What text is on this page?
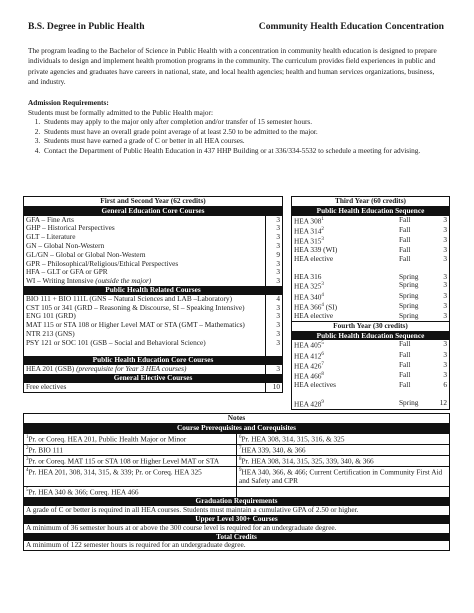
B.S. Degree in Public Health	Community Health Education Concentration
The program leading to the Bachelor of Science in Public Health with a concentration in community health education is designed to prepare individuals to design and implement health promotion programs in the community. The curriculum provides field experiences in public and private agencies and graduates have careers in national, state, and local health agencies; health and human services organizations, business, and industry.
Admission Requirements:
Students must be formally admitted to the Public Health major:
1. Students may apply to the major only after completion and/or transfer of 15 semester hours.
2. Students must have an overall grade point average of at least 2.50 to be admitted to the major.
3. Students must have earned a grade of C or better in all HEA courses.
4. Contact the Department of Public Health Education in 437 HHP Building or at 336/334-5532 to schedule a meeting for advising.
First and Second Year (62 credits)	
General Education Core Courses	
GFA – Fine Arts	3
GHP – Historical Perspectives	3
GLT – Literature	3
GN – Global Non-Western	3
GL/GN – Global or Global Non-Western	9
GPR – Philosophical/Religious/Ethical Perspectives	3
HFA – GLT or GFA or GPR	3
WI – Writing Intensive (outside the major)	3
Public Health Related Courses	
BIO 111 + BIO 111L (GNS – Natural Sciences and LAB –Laboratory)	4
CST 105 or 341 (GRD – Reasoning & Discourse, SI – Speaking Intensive)	3
ENG 101 (GRD)	3
MAT 115 or STA 108 or Higher Level MAT or STA (GMT – Mathematics)	3
NTR 213 (GNS)	3
PSY 121 or SOC 101 (GSB – Social and Behavioral Science)	3

Public Health Education Core Courses	
HEA 201 (GSB) (prerequisite for Year 3 HEA courses)	3
General Elective Courses	
Free electives	10
Third Year (60 credits)		
Public Health Education Sequence		
HEA $308^1$	Fall	3
HEA $314^2$	Fall	3
HEA $315^3$	Fall	3
HEA 339 (WI)	Fall	3
HEA elective	Fall	3

HEA 316	Spring	3
HEA $325^3$	Spring	3
HEA $340^4$	Spring	3
HEA $366^4$ (SI)	Spring	3
HEA elective	Spring	3
Fourth Year (30 credits)		
Public Health Education Sequence		
HEA $405^5$	Fall	3
HEA $412^6$	Fall	3
HEA $426^7$	Fall	3
HEA $466^8$	Fall	3
HEA electives	Fall	6

HEA $428^9$	Spring	12
Notes	
Course Prerequisites and Corequisites	
$^1$Pr. or Coreq. HEA 201, Public Health Major or Minor	$^6$Pr. HEA 308, 314, 315, 316, & 325
$^2$Pr. BIO 111	$^7$HEA 339, 340, & 366
$^3$Pr. or Coreq. MAT 115 or STA 108 or Higher Level MAT or STA	$^8$Pr. HEA 308, 314, 315, 325, 339, 340, & 366
$^4$Pr. HEA 201, 308, 314, 315, & 339; Pr. or Coreq. HEA 325	$^9$HEA 340, 366, & 466; Current Certification in Community First Aid and Safety and CPR
$^5$Pr. HEA 340 & 366; Coreq. HEA 466	
Graduation Requirements	
A grade of C or better is required in all HEA courses. Students must maintain a cumulative GPA of 2.50 or higher.	
Upper Level 300+ Courses	
A minimum of 36 semester hours at or above the 300 course level is required for an undergraduate degree.	
Total Credits	
A minimum of 122 semester hours is required for an undergraduate degree.	
